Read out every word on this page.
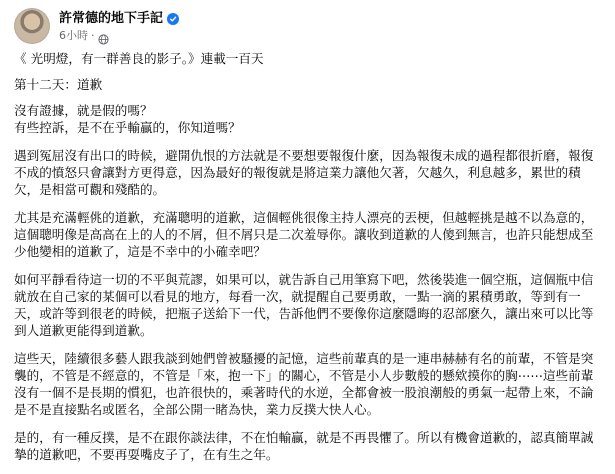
許常德的地下手記
6小時 ·

《 光明燈，有一群善良的影子。》連載一百天

第十二天：道歉

沒有證據，就是假的嗎？

有些控訴，是不在乎輸贏的，你知道嗎？

遇到冤屈沒有出口的時候，避開仇恨的方法就是不要想要報復什麼，因為報復未成的過程都很折磨，報復不成的憤怒只會讓對方更得意，因為最好的報復就是將這業力讓他欠著，欠越久，利息越多，累世的積欠，是相當可觀和殘酷的。

尤其是充滿輕佻的道歉，充滿聰明的道歉，這個輕佻很像主持人漂亮的丟梗，但越輕挑是越不以為意的，這個聰明像是高高在上的人的不屑，但不屑只是二次羞辱你。讓收到道歉的人傻到無言，也許只能想成至少他變相的道歉了，這是不幸中的小確幸吧？

如何平靜看待這一切的不平與荒謬，如果可以，就告訴自己用筆寫下吧，然後裝進一個空瓶，這個瓶中信就放在自己家的某個可以看見的地方，每看一次，就提醒自己要勇敢，一點一滴的累積勇敢，等到有一天，或許等到很老的時候，把瓶子送給下一代，告訴他們不要像你這麼隱晦的忍部麼久，讓出來可以比等到人道歉更能得到道歉。

這些天，陸續很多藝人跟我談到她們曾被騷擾的記憶，這些前輩真的是一連串赫赫有名的前輩，不管是突襲的，不管是不經意的，不管是「來，抱一下」的關心，不管是小人步數般的懸欸摸你的胸⋯⋯這些前輩沒有一個不是長期的慣犯，也許很快的，乘著時代的水逆，全都會被一股浪潮般的勇氣一起帶上來，不論是不是直接點名或匿名，全部公開一睹為快，業力反撲大快人心。

是的，有一種反撲，是不在跟你談法律，不在怕輸贏，就是不再畏懼了。所以有機會道歉的，認真簡單誠摯的道歉吧，不要再耍嘴皮子了，在有生之年。
